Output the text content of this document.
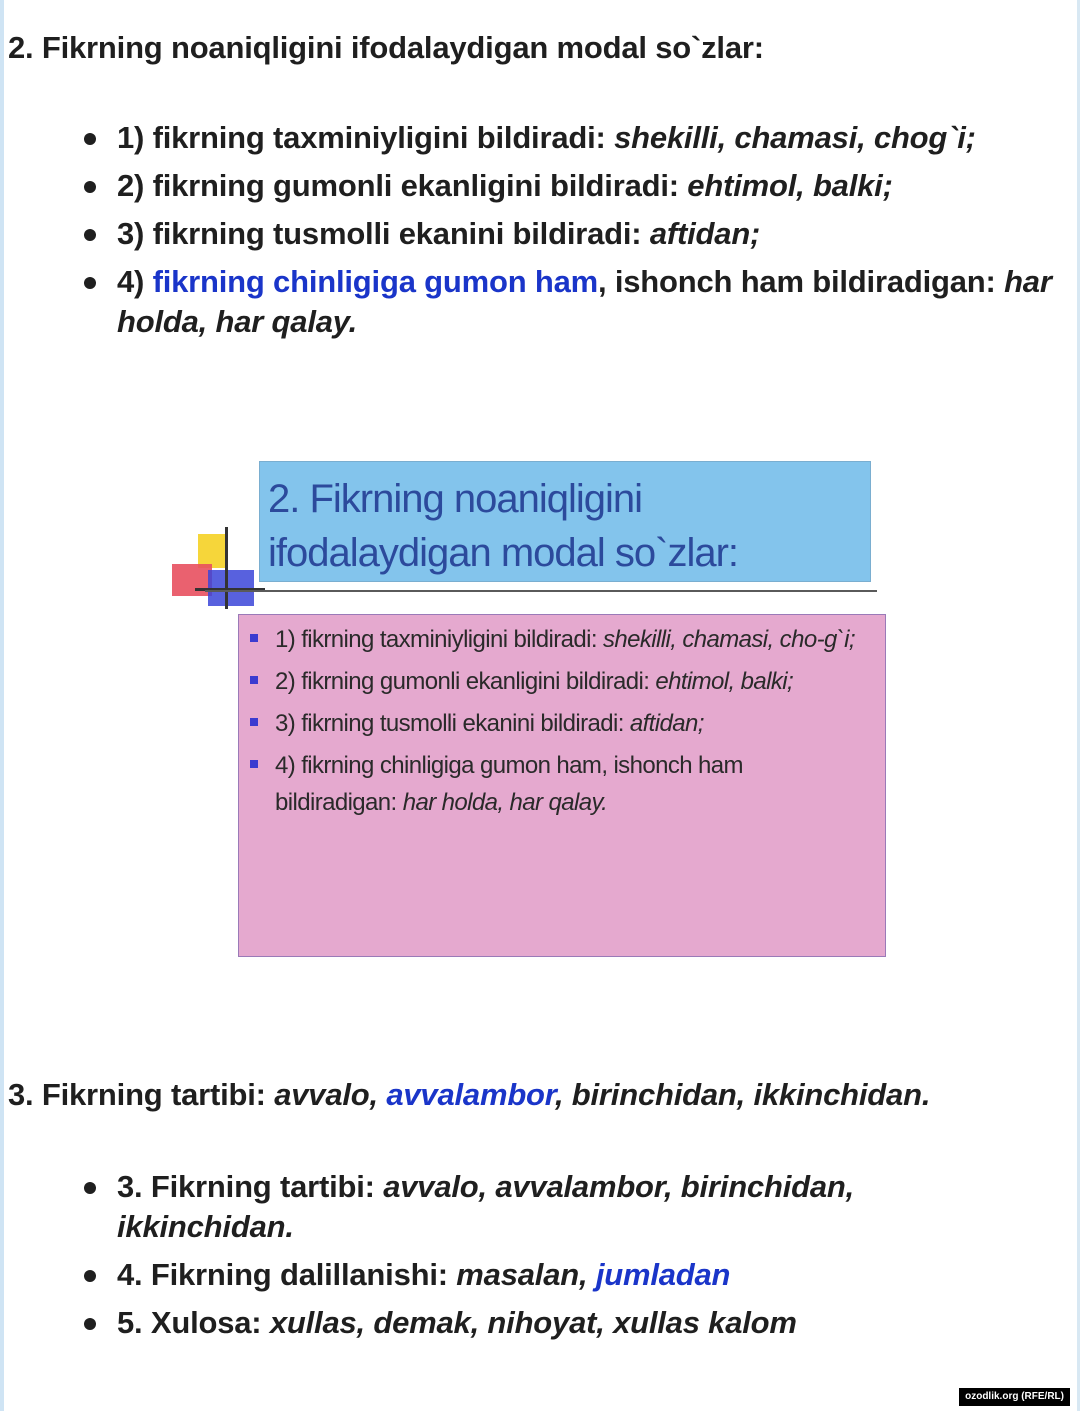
2. Fikrning noaniqligini ifodalaydigan modal so`zlar:
1) fikrning taxminiyligini bildiradi: shekilli, chamasi, chog`i;
2) fikrning gumonli ekanligini bildiradi: ehtimol, balki;
3) fikrning tusmolli ekanini bildiradi: aftidan;
4) fikrning chinligiga gumon ham, ishonch ham bildiradigan: har holda, har qalay.
2. Fikrning noaniqligini
ifodalaydigan modal so`zlar:
1) fikrning taxminiyligini bildiradi: shekilli, chamasi, cho-g`i;
2) fikrning gumonli ekanligini bildiradi: ehtimol, balki;
3) fikrning tusmolli ekanini bildiradi: aftidan;
4) fikrning chinligiga gumon ham, ishonch ham bildiradigan: har holda, har qalay.
3. Fikrning tartibi: avvalo, avvalambor, birinchidan, ikkinchidan.
3. Fikrning tartibi: avvalo, avvalambor, birinchidan, ikkinchidan.
4. Fikrning dalillanishi: masalan, jumladan
5. Xulosa: xullas, demak, nihoyat, xullas kalom
ozodlik.org (RFE/RL)
